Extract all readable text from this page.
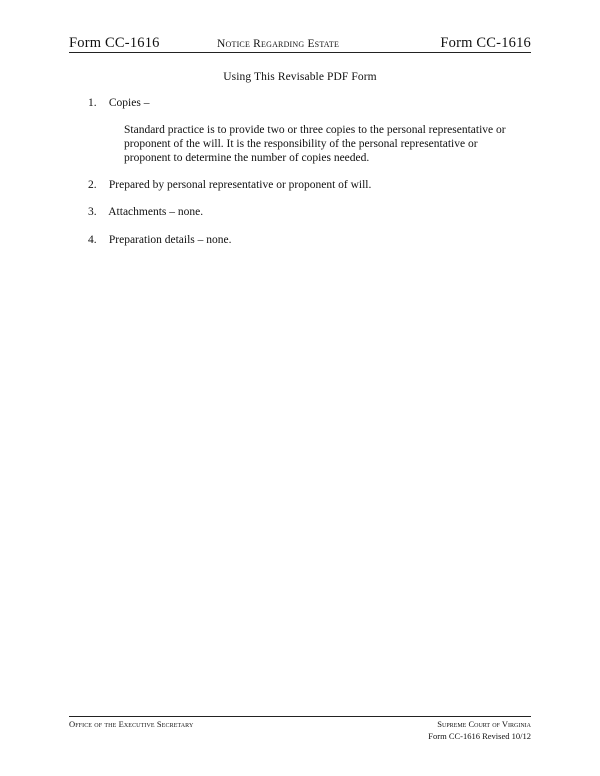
Form CC-1616	Notice Regarding Estate	Form CC-1616
Using This Revisable PDF Form
1. Copies –
Standard practice is to provide two or three copies to the personal representative or proponent of the will. It is the responsibility of the personal representative or proponent to determine the number of copies needed.
2. Prepared by personal representative or proponent of will.
3. Attachments – none.
4. Preparation details – none.
Office of the Executive Secretary	Supreme Court of Virginia
Form CC-1616 Revised 10/12
